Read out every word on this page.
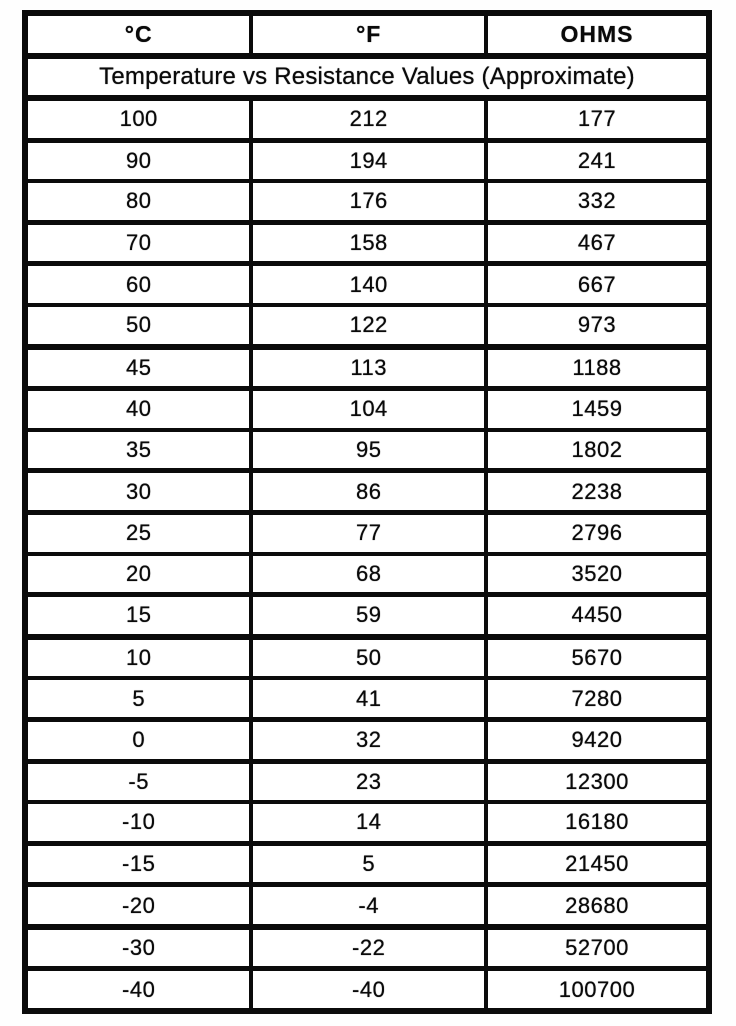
°C	°F	OHMS
Temperature vs Resistance Values (Approximate)		
100	212	177
90	194	241
80	176	332
70	158	467
60	140	667
50	122	973
45	113	1188
40	104	1459
35	95	1802
30	86	2238
25	77	2796
20	68	3520
15	59	4450
10	50	5670
5	41	7280
0	32	9420
-5	23	12300
-10	14	16180
-15	5	21450
-20	-4	28680
-30	-22	52700
-40	-40	100700
